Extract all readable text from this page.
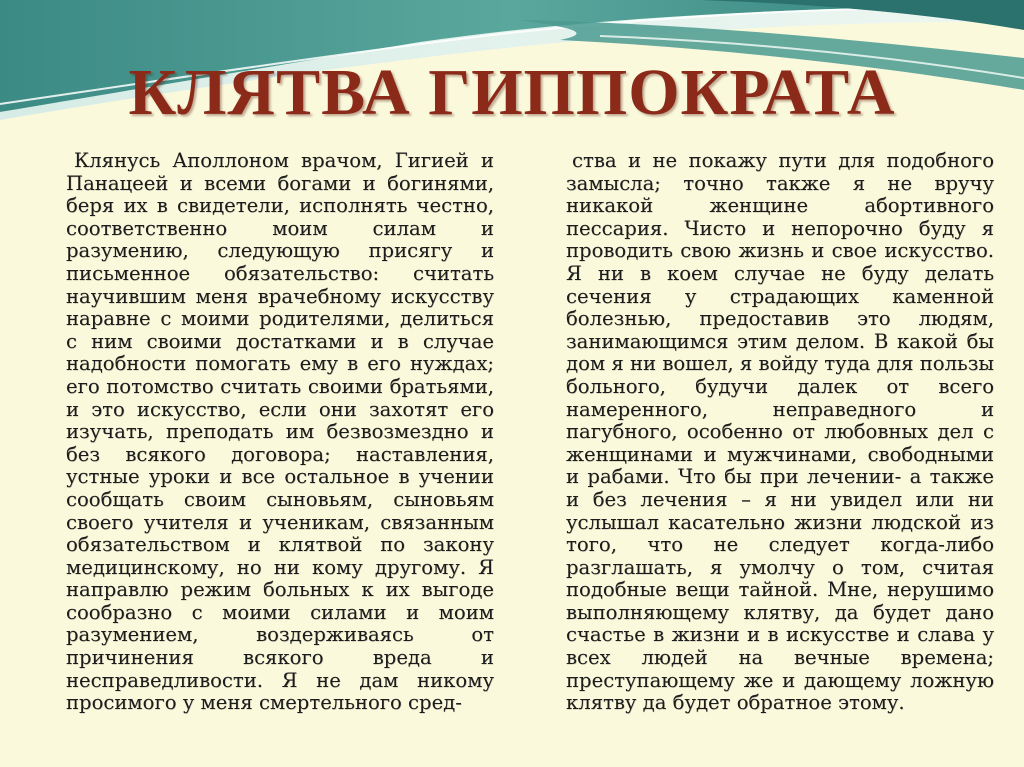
КЛЯТВА ГИППОКРАТА

Клянусь Аполлоном врачом, Гигией и Панацеей и всеми богами и богинями, беря их в свидетели, исполнять честно, соответственно моим силам и разумению, следующую присягу и письменное обязательство: считать научившим меня врачебному искусству наравне с моими родителями, делиться с ним своими достатками и в случае надобности помогать ему в его нуждах; его потомство считать своими братьями, и это искусство, если они захотят его изучать, преподать им безвозмездно и без всякого договора; наставления, устные уроки и все остальное в учении сообщать своим сыновьям, сыновьям своего учителя и ученикам, связанным обязательством и клятвой по закону медицинскому, но ни кому другому. Я направлю режим больных к их выгоде сообразно с моими силами и моим разумением, воздерживаясь от причинения всякого вреда и несправедливости. Я не дам никому просимого у меня смертельного сред-

ства и не покажу пути для подобного замысла; точно также я не вручу никакой женщине абортивного пессария. Чисто и непорочно буду я проводить свою жизнь и свое искусство. Я ни в коем случае не буду делать сечения у страдающих каменной болезнью, предоставив это людям, занимающимся этим делом. В какой бы дом я ни вошел, я войду туда для пользы больного, будучи далек от всего намеренного, неправедного и пагубного, особенно от любовных дел с женщинами и мужчинами, свободными и рабами. Что бы при лечении- а также и без лечения – я ни увидел или ни услышал касательно жизни людской из того, что не следует когда-либо разглашать, я умолчу о том, считая подобные вещи тайной. Мне, нерушимо выполняющему клятву, да будет дано счастье в жизни и в искусстве и слава у всех людей на вечные времена; преступающему же и дающему ложную клятву да будет обратное этому.
